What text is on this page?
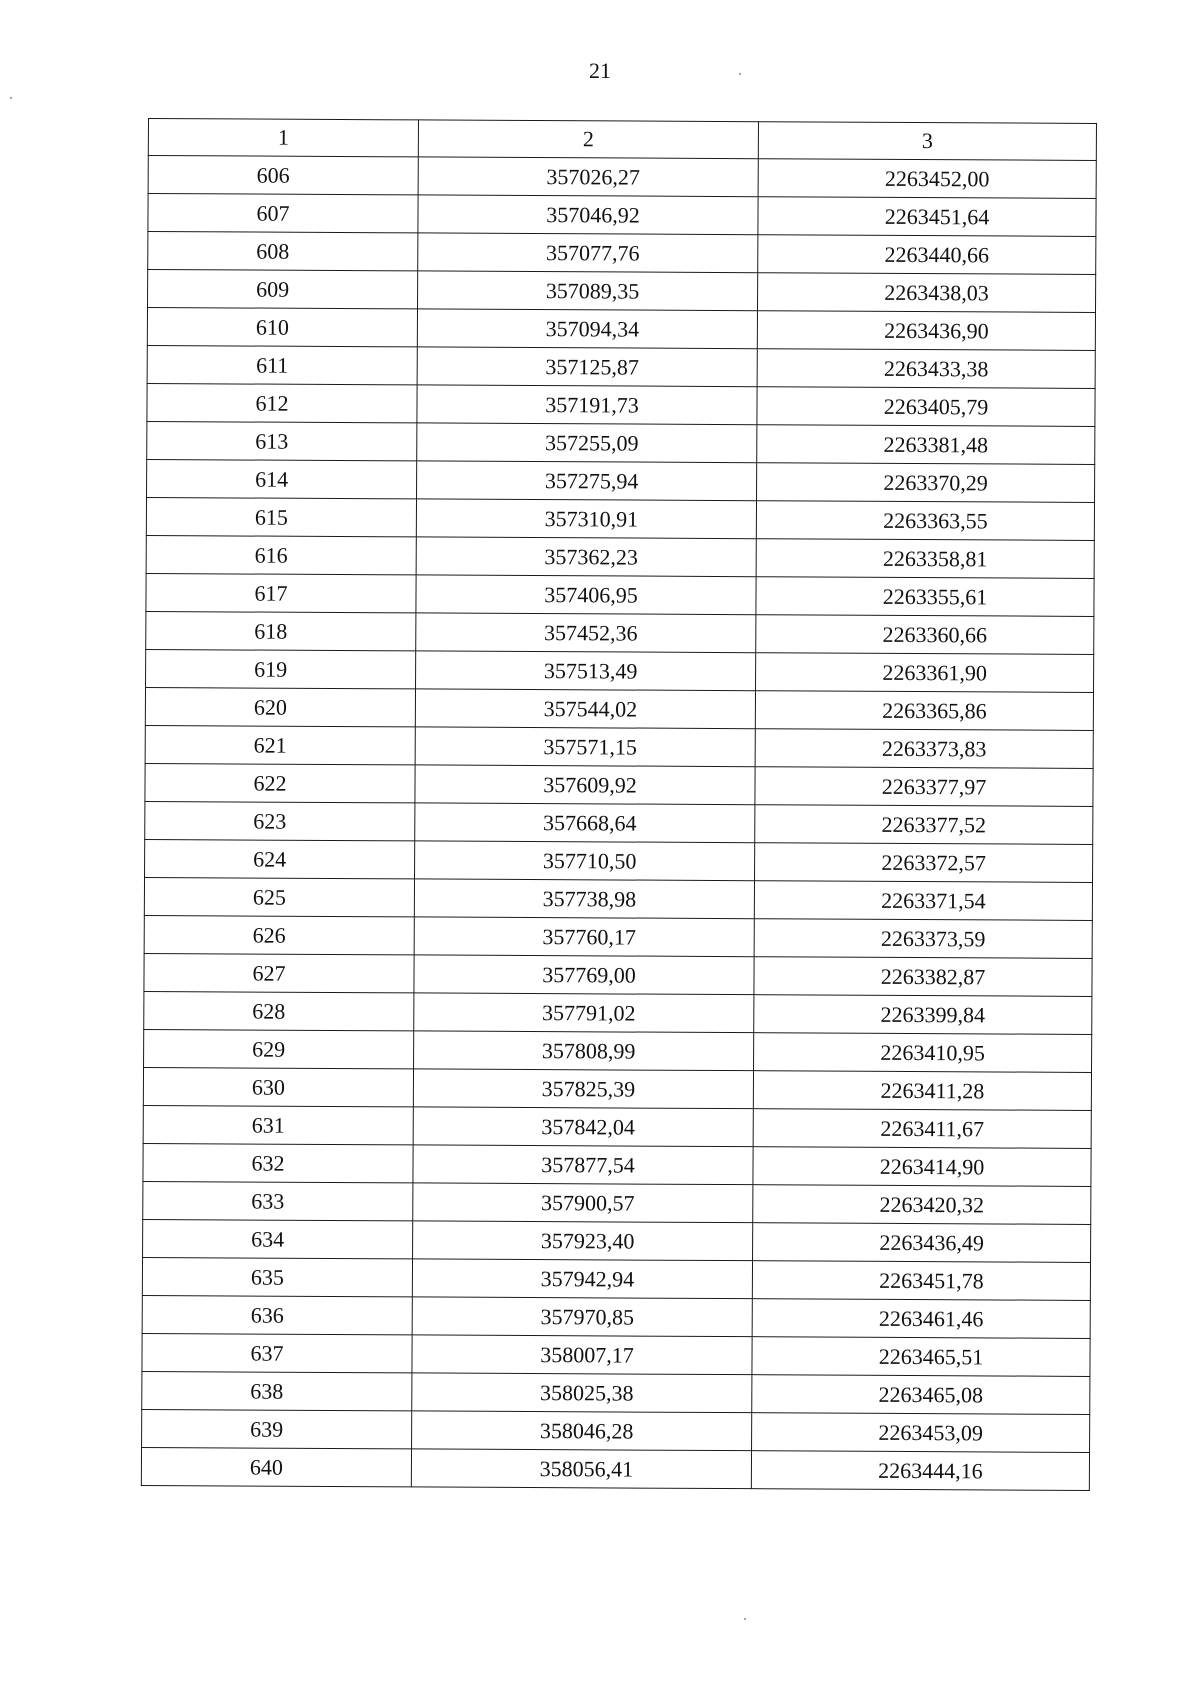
21
1	2	3
606	357026,27	2263452,00
607	357046,92	2263451,64
608	357077,76	2263440,66
609	357089,35	2263438,03
610	357094,34	2263436,90
611	357125,87	2263433,38
612	357191,73	2263405,79
613	357255,09	2263381,48
614	357275,94	2263370,29
615	357310,91	2263363,55
616	357362,23	2263358,81
617	357406,95	2263355,61
618	357452,36	2263360,66
619	357513,49	2263361,90
620	357544,02	2263365,86
621	357571,15	2263373,83
622	357609,92	2263377,97
623	357668,64	2263377,52
624	357710,50	2263372,57
625	357738,98	2263371,54
626	357760,17	2263373,59
627	357769,00	2263382,87
628	357791,02	2263399,84
629	357808,99	2263410,95
630	357825,39	2263411,28
631	357842,04	2263411,67
632	357877,54	2263414,90
633	357900,57	2263420,32
634	357923,40	2263436,49
635	357942,94	2263451,78
636	357970,85	2263461,46
637	358007,17	2263465,51
638	358025,38	2263465,08
639	358046,28	2263453,09
640	358056,41	2263444,16
